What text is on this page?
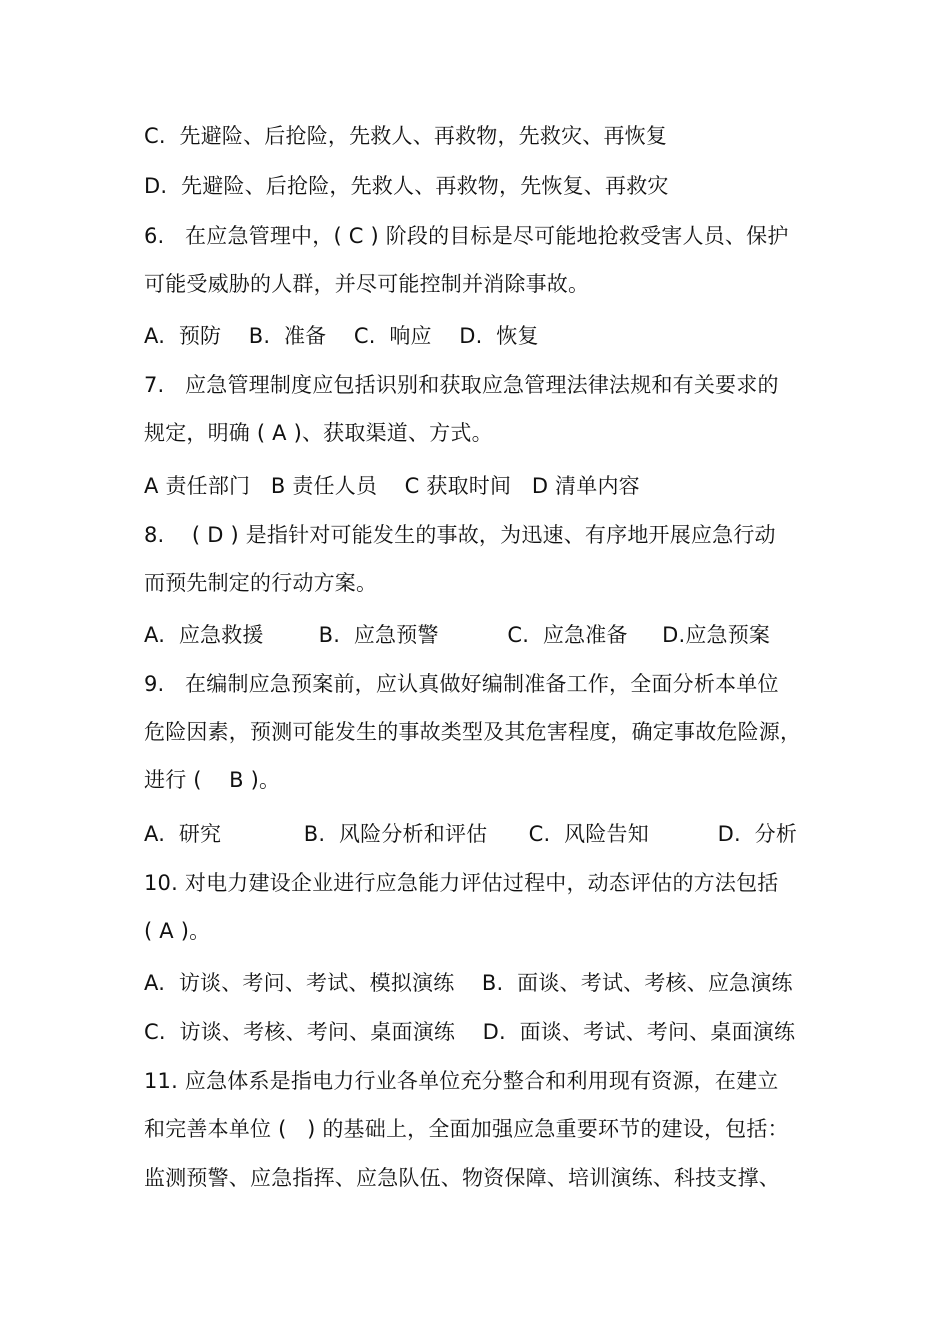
C.  先避险、后抢险，先救人、再救物，先救灾、再恢复
D.  先避险、后抢险，先救人、再救物，先恢复、再救灾
6.   在应急管理中，( C ) 阶段的目标是尽可能地抢救受害人员、保护
可能受威胁的人群，并尽可能控制并消除事故。
A.  预防    B.  准备    C.  响应    D.  恢复
7.   应急管理制度应包括识别和获取应急管理法律法规和有关要求的
规定，明确 ( A )、获取渠道、方式。
A 责任部门   B 责任人员    C 获取时间   D 清单内容
8.    ( D ) 是指针对可能发生的事故，为迅速、有序地开展应急行动
而预先制定的行动方案。
A.  应急救援        B.  应急预警          C.  应急准备     D.应急预案
9.   在编制应急预案前，应认真做好编制准备工作，全面分析本单位
危险因素，预测可能发生的事故类型及其危害程度，确定事故危险源，
进行 (    B )。
A.  研究            B.  风险分析和评估      C.  风险告知          D.  分析
10. 对电力建设企业进行应急能力评估过程中，动态评估的方法包括
( A )。
A.  访谈、考问、考试、模拟演练    B.  面谈、考试、考核、应急演练
C.  访谈、考核、考问、桌面演练    D.  面谈、考试、考问、桌面演练
11. 应急体系是指电力行业各单位充分整合和利用现有资源，在建立
和完善本单位 (   ) 的基础上，全面加强应急重要环节的建设，包括：
监测预警、应急指挥、应急队伍、物资保障、培训演练、科技支撑、
